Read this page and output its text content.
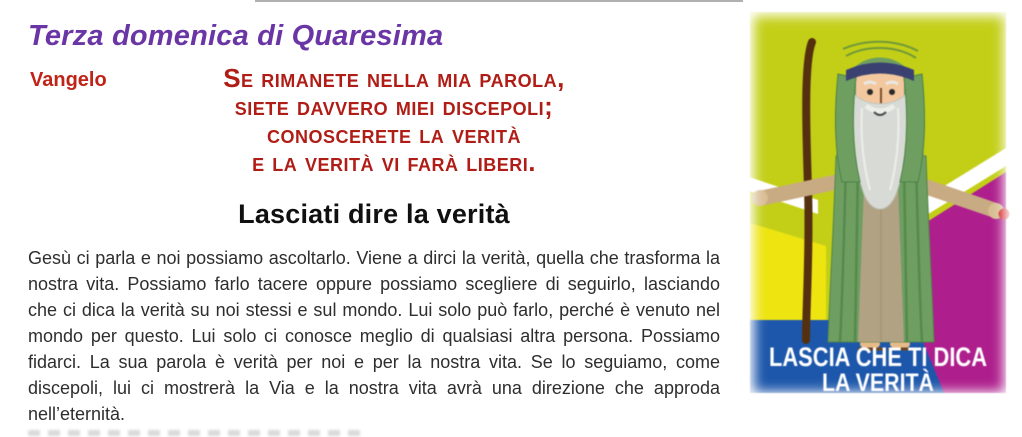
Terza domenica di Quaresima
Vangelo	Se rimanete nella mia parola,
siete davvero miei discepoli;
conoscerete la verità
e la verità vi farà liberi.
Lasciati dire la verità

Gesù ci parla e noi possiamo ascoltarlo. Viene a dirci la verità, quella che trasforma la nostra vita. Possiamo farlo tacere oppure possiamo scegliere di seguirlo, lasciando che ci dica la verità su noi stessi e sul mondo. Lui solo può farlo, perché è venuto nel mondo per questo. Lui solo ci conosce meglio di qualsiasi altra persona. Possiamo fidarci. La sua parola è verità per noi e per la nostra vita. Se lo seguiamo, come discepoli, lui ci mostrerà la Via e la nostra vita avrà una direzione che approda nell’eternità.

LASCIA CHE TI DICA
LA VERITÀ
